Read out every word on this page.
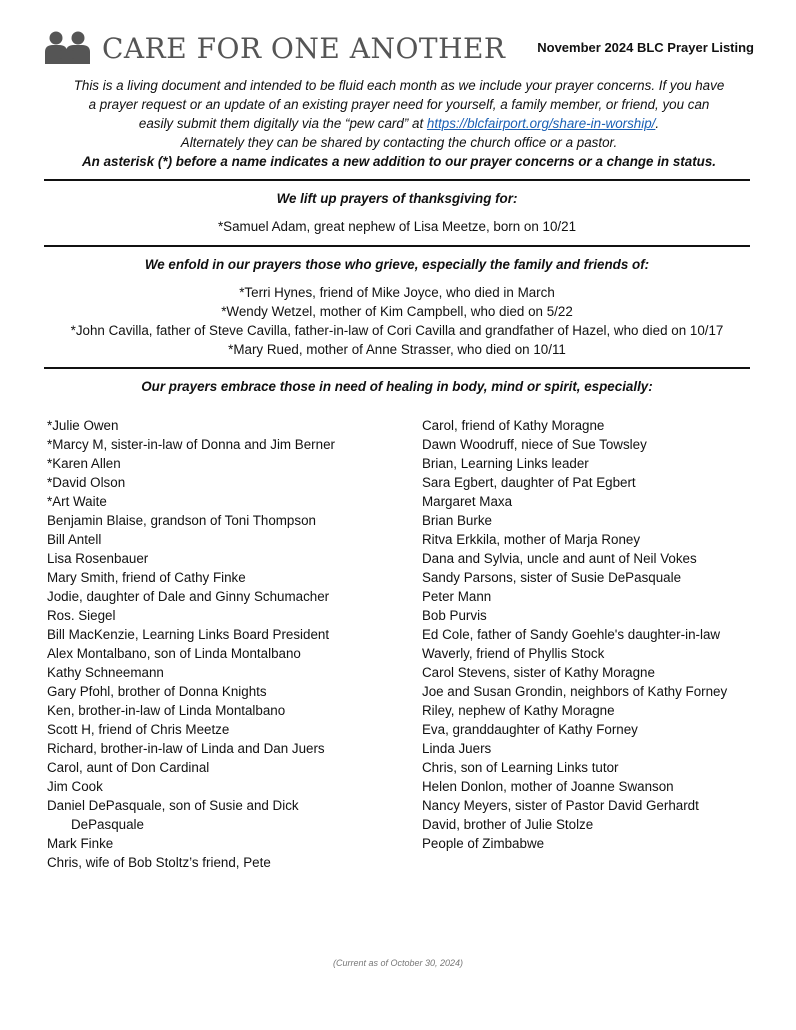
CARE FOR ONE ANOTHER November 2024 BLC Prayer Listing
This is a living document and intended to be fluid each month as we include your prayer concerns. If you have
a prayer request or an update of an existing prayer need for yourself, a family member, or friend, you can
easily submit them digitally via the “pew card” at https://blcfairport.org/share-in-worship/.
Alternately they can be shared by contacting the church office or a pastor.
An asterisk (*) before a name indicates a new addition to our prayer concerns or a change in status.
We lift up prayers of thanksgiving for:
*Samuel Adam, great nephew of Lisa Meetze, born on 10/21
We enfold in our prayers those who grieve, especially the family and friends of:
*Terri Hynes, friend of Mike Joyce, who died in March
*Wendy Wetzel, mother of Kim Campbell, who died on 5/22
*John Cavilla, father of Steve Cavilla, father-in-law of Cori Cavilla and grandfather of Hazel, who died on 10/17
*Mary Rued, mother of Anne Strasser, who died on 10/11
Our prayers embrace those in need of healing in body, mind or spirit, especially:
*Julie Owen
*Marcy M, sister-in-law of Donna and Jim Berner
*Karen Allen
*David Olson
*Art Waite
Benjamin Blaise, grandson of Toni Thompson
Bill Antell
Lisa Rosenbauer
Mary Smith, friend of Cathy Finke
Jodie, daughter of Dale and Ginny Schumacher
Ros. Siegel
Bill MacKenzie, Learning Links Board President
Alex Montalbano, son of Linda Montalbano
Kathy Schneemann
Gary Pfohl, brother of Donna Knights
Ken, brother-in-law of Linda Montalbano
Scott H, friend of Chris Meetze
Richard, brother-in-law of Linda and Dan Juers
Carol, aunt of Don Cardinal
Jim Cook
Daniel DePasquale, son of Susie and Dick
DePasquale
Mark Finke
Chris, wife of Bob Stoltz’s friend, Pete
Carol, friend of Kathy Moragne
Dawn Woodruff, niece of Sue Towsley
Brian, Learning Links leader
Sara Egbert, daughter of Pat Egbert
Margaret Maxa
Brian Burke
Ritva Erkkila, mother of Marja Roney
Dana and Sylvia, uncle and aunt of Neil Vokes
Sandy Parsons, sister of Susie DePasquale
Peter Mann
Bob Purvis
Ed Cole, father of Sandy Goehle's daughter-in-law
Waverly, friend of Phyllis Stock
Carol Stevens, sister of Kathy Moragne
Joe and Susan Grondin, neighbors of Kathy Forney
Riley, nephew of Kathy Moragne
Eva, granddaughter of Kathy Forney
Linda Juers
Chris, son of Learning Links tutor
Helen Donlon, mother of Joanne Swanson
Nancy Meyers, sister of Pastor David Gerhardt
David, brother of Julie Stolze
People of Zimbabwe
(Current as of October 30, 2024)
